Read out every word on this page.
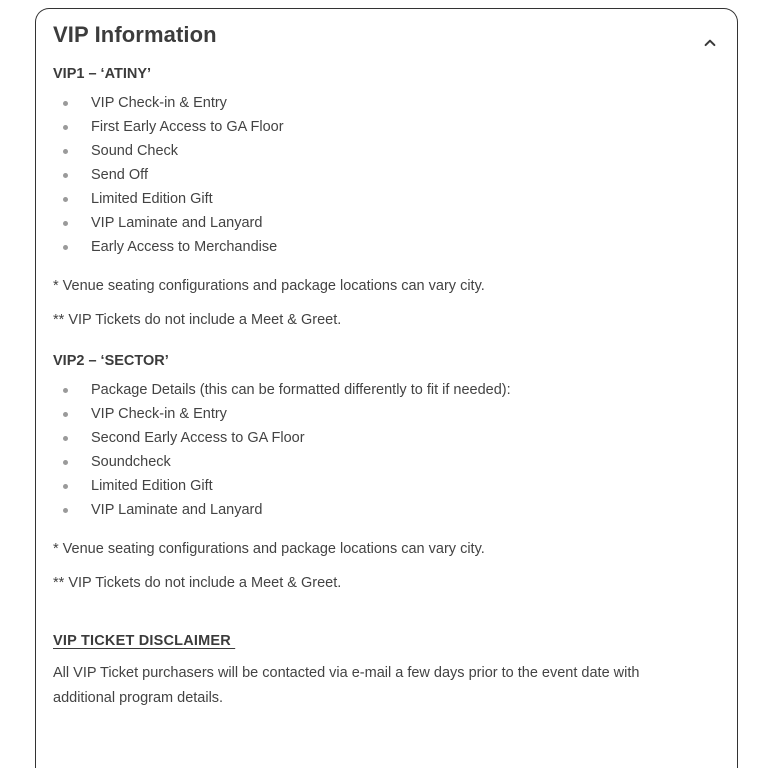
VIP Information
VIP1 – ‘ATINY’
VIP Check-in & Entry
First Early Access to GA Floor
Sound Check
Send Off
Limited Edition Gift
VIP Laminate and Lanyard
Early Access to Merchandise

* Venue seating configurations and package locations can vary city.

** VIP Tickets do not include a Meet & Greet.

VIP2 – ‘SECTOR’
Package Details (this can be formatted differently to fit if needed):
VIP Check-in & Entry
Second Early Access to GA Floor
Soundcheck
Limited Edition Gift
VIP Laminate and Lanyard

* Venue seating configurations and package locations can vary city.

** VIP Tickets do not include a Meet & Greet.

VIP TICKET DISCLAIMER

All VIP Ticket purchasers will be contacted via e-mail a few days prior to the event date with additional program details.
